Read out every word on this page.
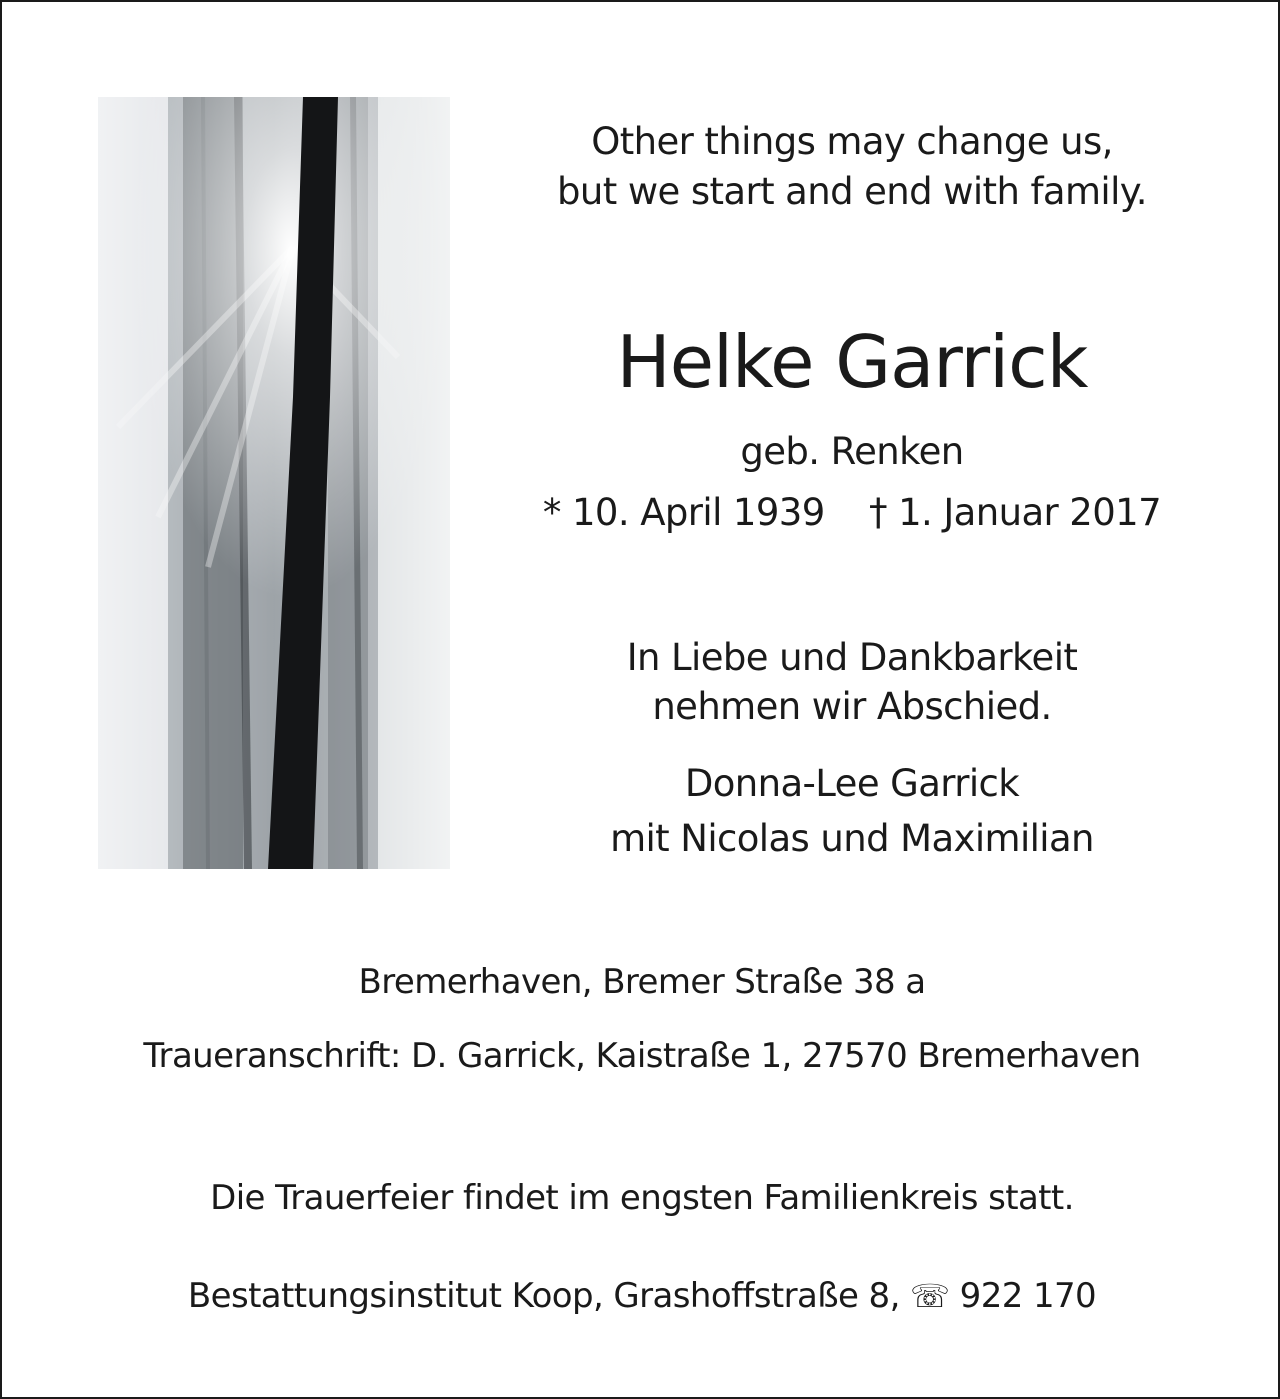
Other things may change us,
but we start and end with family.
Helke Garrick
geb. Renken
* 10. April 1939 † 1. Januar 2017
In Liebe und Dankbarkeit
nehmen wir Abschied.
Donna-Lee Garrick
mit Nicolas und Maximilian
Bremerhaven, Bremer Straße 38 a
Traueranschrift: D. Garrick, Kaistraße 1, 27570 Bremerhaven
Die Trauerfeier findet im engsten Familienkreis statt.
Bestattungsinstitut Koop, Grashoffstraße 8, ☏ 922 170
